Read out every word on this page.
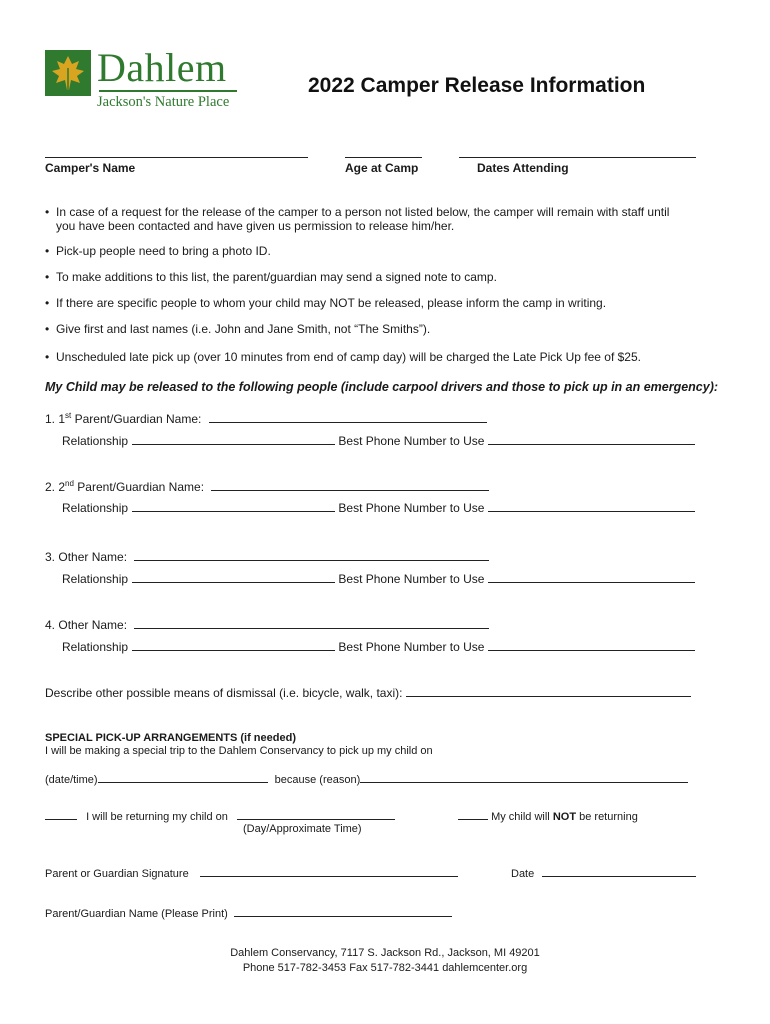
Dahlem
Jackson's Nature Place
2022 Camper Release Information
Camper's Name	Age at Camp	Dates Attending
• In case of a request for the release of the camper to a person not listed below, the camper will remain with staff until
you have been contacted and have given us permission to release him/her.
• Pick-up people need to bring a photo ID.
• To make additions to this list, the parent/guardian may send a signed note to camp.
• If there are specific people to whom your child may NOT be released, please inform the camp in writing.
• Give first and last names (i.e. John and Jane Smith, not “The Smiths”).
• Unscheduled late pick up (over 10 minutes from end of camp day) will be charged the Late Pick Up fee of $25.
My Child may be released to the following people (include carpool drivers and those to pick up in an emergency):
1. 1st Parent/Guardian Name:
Relationship	Best Phone Number to Use
2. 2nd Parent/Guardian Name:
Relationship	Best Phone Number to Use
3. Other Name:
Relationship	Best Phone Number to Use
4. Other Name:
Relationship	Best Phone Number to Use
Describe other possible means of dismissal (i.e. bicycle, walk, taxi):
SPECIAL PICK-UP ARRANGEMENTS (if needed)
I will be making a special trip to the Dahlem Conservancy to pick up my child on
(date/time)	because (reason)
I will be returning my child on
(Day/Approximate Time)
My child will NOT be returning
Parent or Guardian Signature	Date
Parent/Guardian Name (Please Print)
Dahlem Conservancy, 7117 S. Jackson Rd., Jackson, MI 49201
Phone 517-782-3453 Fax 517-782-3441 dahlemcenter.org
